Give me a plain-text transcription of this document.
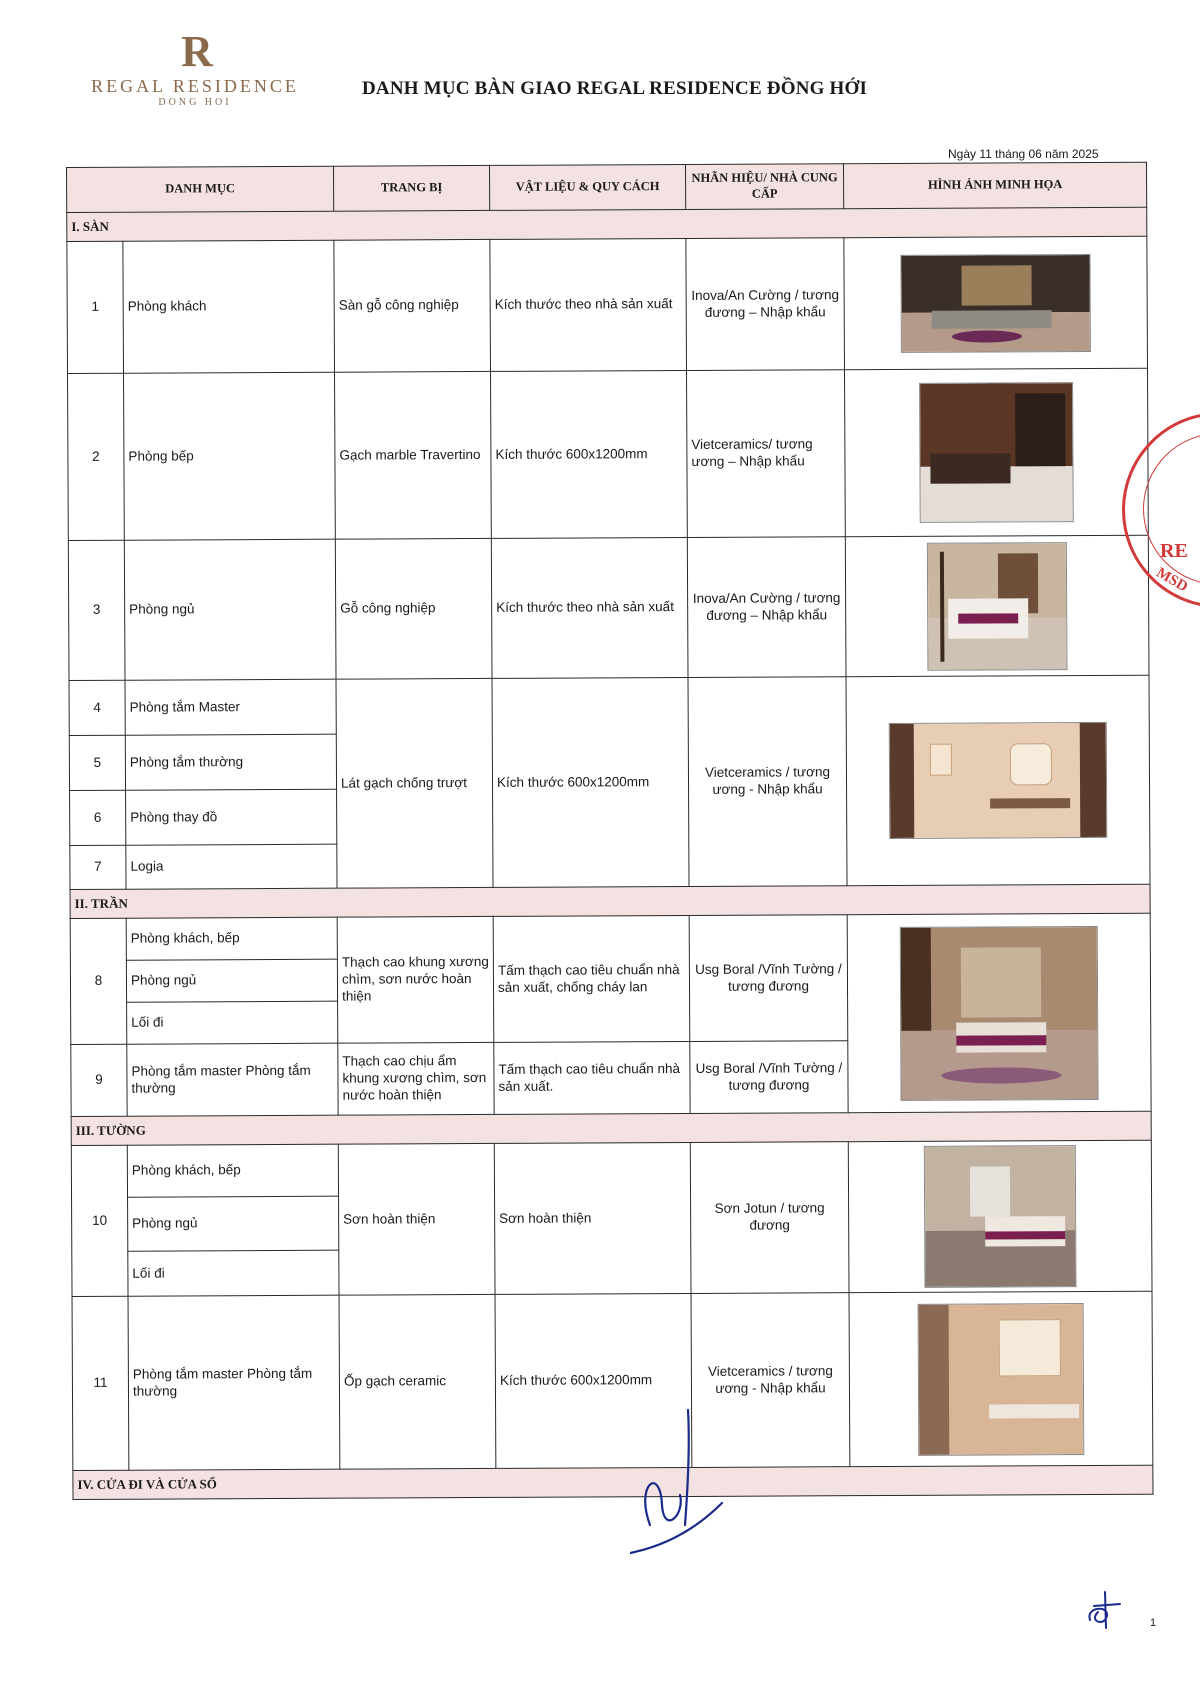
R
REGAL RESIDENCE
DONG HOI
DANH MỤC BÀN GIAO REGAL RESIDENCE ĐỒNG HỚI
Ngày 11 tháng 06 năm 2025
DANH MỤC		TRANG BỊ	VẬT LIỆU & QUY CÁCH	NHÃN HIỆU/ NHÀ CUNG CẤP	HÌNH ẢNH MINH HỌA
I. SÀN					
1	Phòng khách	Sàn gỗ công nghiệp	Kích thước theo nhà sản xuất	Inova/An Cường / tương đương – Nhập khẩu	

2	Phòng bếp	Gạch marble Travertino	Kích thước 600x1200mm	Vietceramics/ tương ương – Nhập khẩu	

3	Phòng ngủ	Gỗ công nghiệp	Kích thước theo nhà sản xuất	Inova/An Cường / tương đương – Nhập khẩu	

4	Phòng tắm Master	Lát gạch chống trượt	Kích thước 600x1200mm	Vietceramics / tương ương - Nhập khẩu	

5	Phòng tắm thường				
6	Phòng thay đồ				
7	Logia				
II. TRẦN					
8	Phòng khách, bếp	Thạch cao khung xương chìm, sơn nước hoàn thiện	Tấm thạch cao tiêu chuẩn nhà sản xuất, chống cháy lan	Usg Boral /Vĩnh Tường / tương đương	

	Phòng ngủ				
	Lối đi				
9	Phòng tắm master Phòng tắm thường	Thạch cao chịu ẩm khung xương chìm, sơn nước hoàn thiện	Tấm thạch cao tiêu chuẩn nhà sản xuất.	Usg Boral /Vĩnh Tường / tương đương	
III. TƯỜNG					
10	Phòng khách, bếp	Sơn hoàn thiện	Sơn hoàn thiện	Sơn Jotun / tương đương	

	Phòng ngủ				
	Lối đi				
11	Phòng tắm master Phòng tắm thường	Ốp gạch ceramic	Kích thước 600x1200mm	Vietceramics / tương ương - Nhập khẩu	

IV. CỬA ĐI VÀ CỬA SỔ					
RE
MSD
1
